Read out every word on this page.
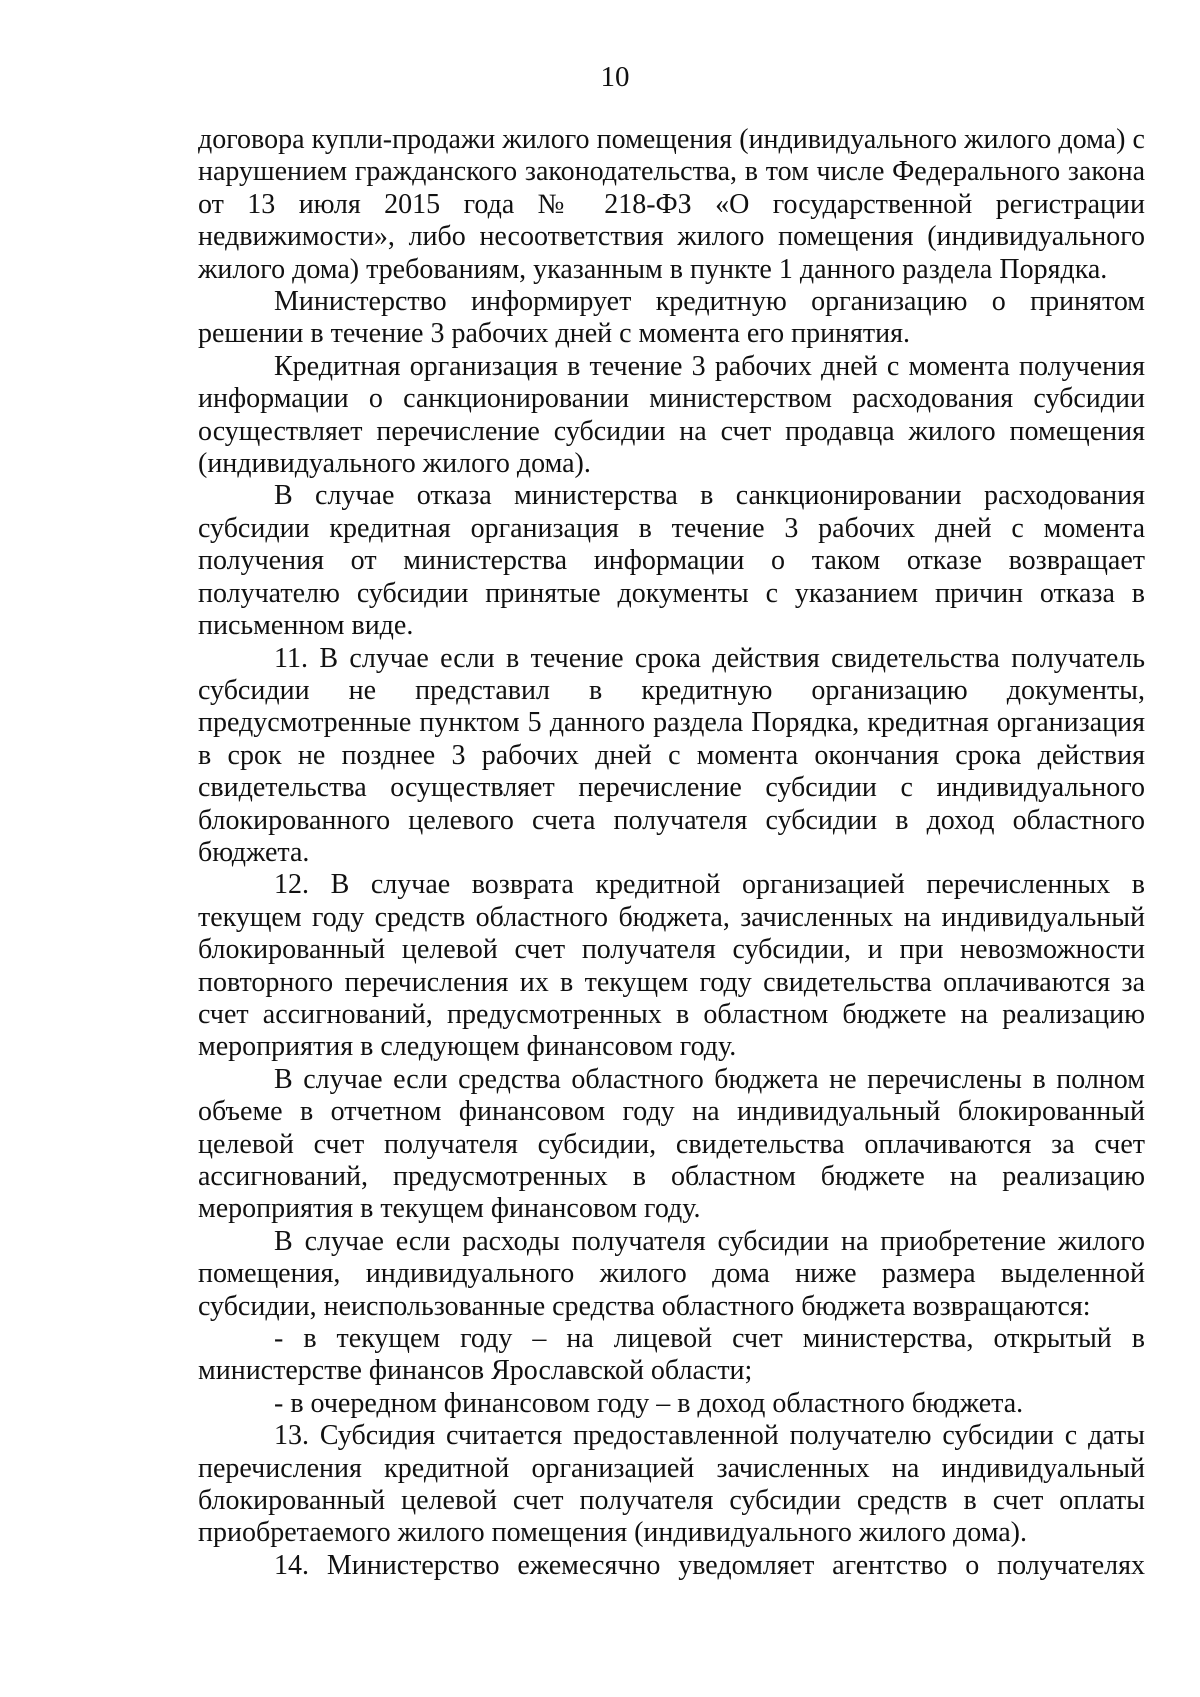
10

договора купли-продажи жилого помещения (индивидуального жилого дома) с нарушением гражданского законодательства, в том числе Федерального закона от 13 июля 2015 года № 218-ФЗ «О государственной регистрации недвижимости», либо несоответствия жилого помещения (индивидуального жилого дома) требованиям, указанным в пункте 1 данного раздела Порядка.

Министерство информирует кредитную организацию о принятом решении в течение 3 рабочих дней с момента его принятия.

Кредитная организация в течение 3 рабочих дней с момента получения информации о санкционировании министерством расходования субсидии осуществляет перечисление субсидии на счет продавца жилого помещения (индивидуального жилого дома).

В случае отказа министерства в санкционировании расходования субсидии кредитная организация в течение 3 рабочих дней с момента получения от министерства информации о таком отказе возвращает получателю субсидии принятые документы с указанием причин отказа в письменном виде.

11. В случае если в течение срока действия свидетельства получатель субсидии не представил в кредитную организацию документы, предусмотренные пунктом 5 данного раздела Порядка, кредитная организация в срок не позднее 3 рабочих дней с момента окончания срока действия свидетельства осуществляет перечисление субсидии с индивидуального блокированного целевого счета получателя субсидии в доход областного бюджета.

12. В случае возврата кредитной организацией перечисленных в текущем году средств областного бюджета, зачисленных на индивидуальный блокированный целевой счет получателя субсидии, и при невозможности повторного перечисления их в текущем году свидетельства оплачиваются за счет ассигнований, предусмотренных в областном бюджете на реализацию мероприятия в следующем финансовом году.

В случае если средства областного бюджета не перечислены в полном объеме в отчетном финансовом году на индивидуальный блокированный целевой счет получателя субсидии, свидетельства оплачиваются за счет ассигнований, предусмотренных в областном бюджете на реализацию мероприятия в текущем финансовом году.

В случае если расходы получателя субсидии на приобретение жилого помещения, индивидуального жилого дома ниже размера выделенной субсидии, неиспользованные средства областного бюджета возвращаются:

- в текущем году – на лицевой счет министерства, открытый в министерстве финансов Ярославской области;

- в очередном финансовом году – в доход областного бюджета.

13. Субсидия считается предоставленной получателю субсидии с даты перечисления кредитной организацией зачисленных на индивидуальный блокированный целевой счет получателя субсидии средств в счет оплаты приобретаемого жилого помещения (индивидуального жилого дома).

14. Министерство ежемесячно уведомляет агентство о получателях
